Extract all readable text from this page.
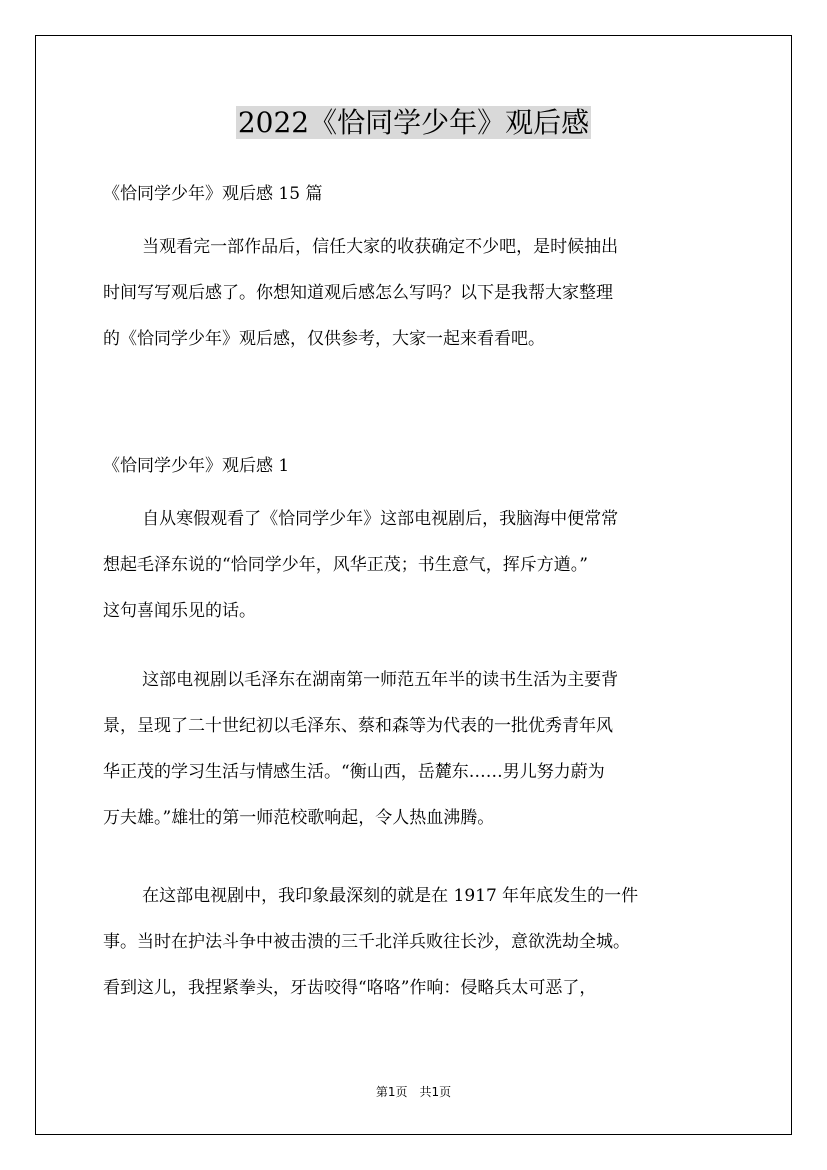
2022《恰同学少年》观后感
《恰同学少年》观后感 15 篇
当观看完一部作品后，信任大家的收获确定不少吧，是时候抽出
时间写写观后感了。你想知道观后感怎么写吗？以下是我帮大家整理
的《恰同学少年》观后感，仅供参考，大家一起来看看吧。
《恰同学少年》观后感 1
自从寒假观看了《恰同学少年》这部电视剧后，我脑海中便常常
想起毛泽东说的“恰同学少年，风华正茂；书生意气，挥斥方遒。”
这句喜闻乐见的话。
这部电视剧以毛泽东在湖南第一师范五年半的读书生活为主要背
景，呈现了二十世纪初以毛泽东、蔡和森等为代表的一批优秀青年风
华正茂的学习生活与情感生活。“衡山西，岳麓东……男儿努力蔚为
万夫雄。”雄壮的第一师范校歌响起，令人热血沸腾。
在这部电视剧中，我印象最深刻的就是在 1917 年年底发生的一件
事。当时在护法斗争中被击溃的三千北洋兵败往长沙，意欲洗劫全城。
看到这儿，我捏紧拳头，牙齿咬得“咯咯”作响：侵略兵太可恶了，
第1页　共1页
